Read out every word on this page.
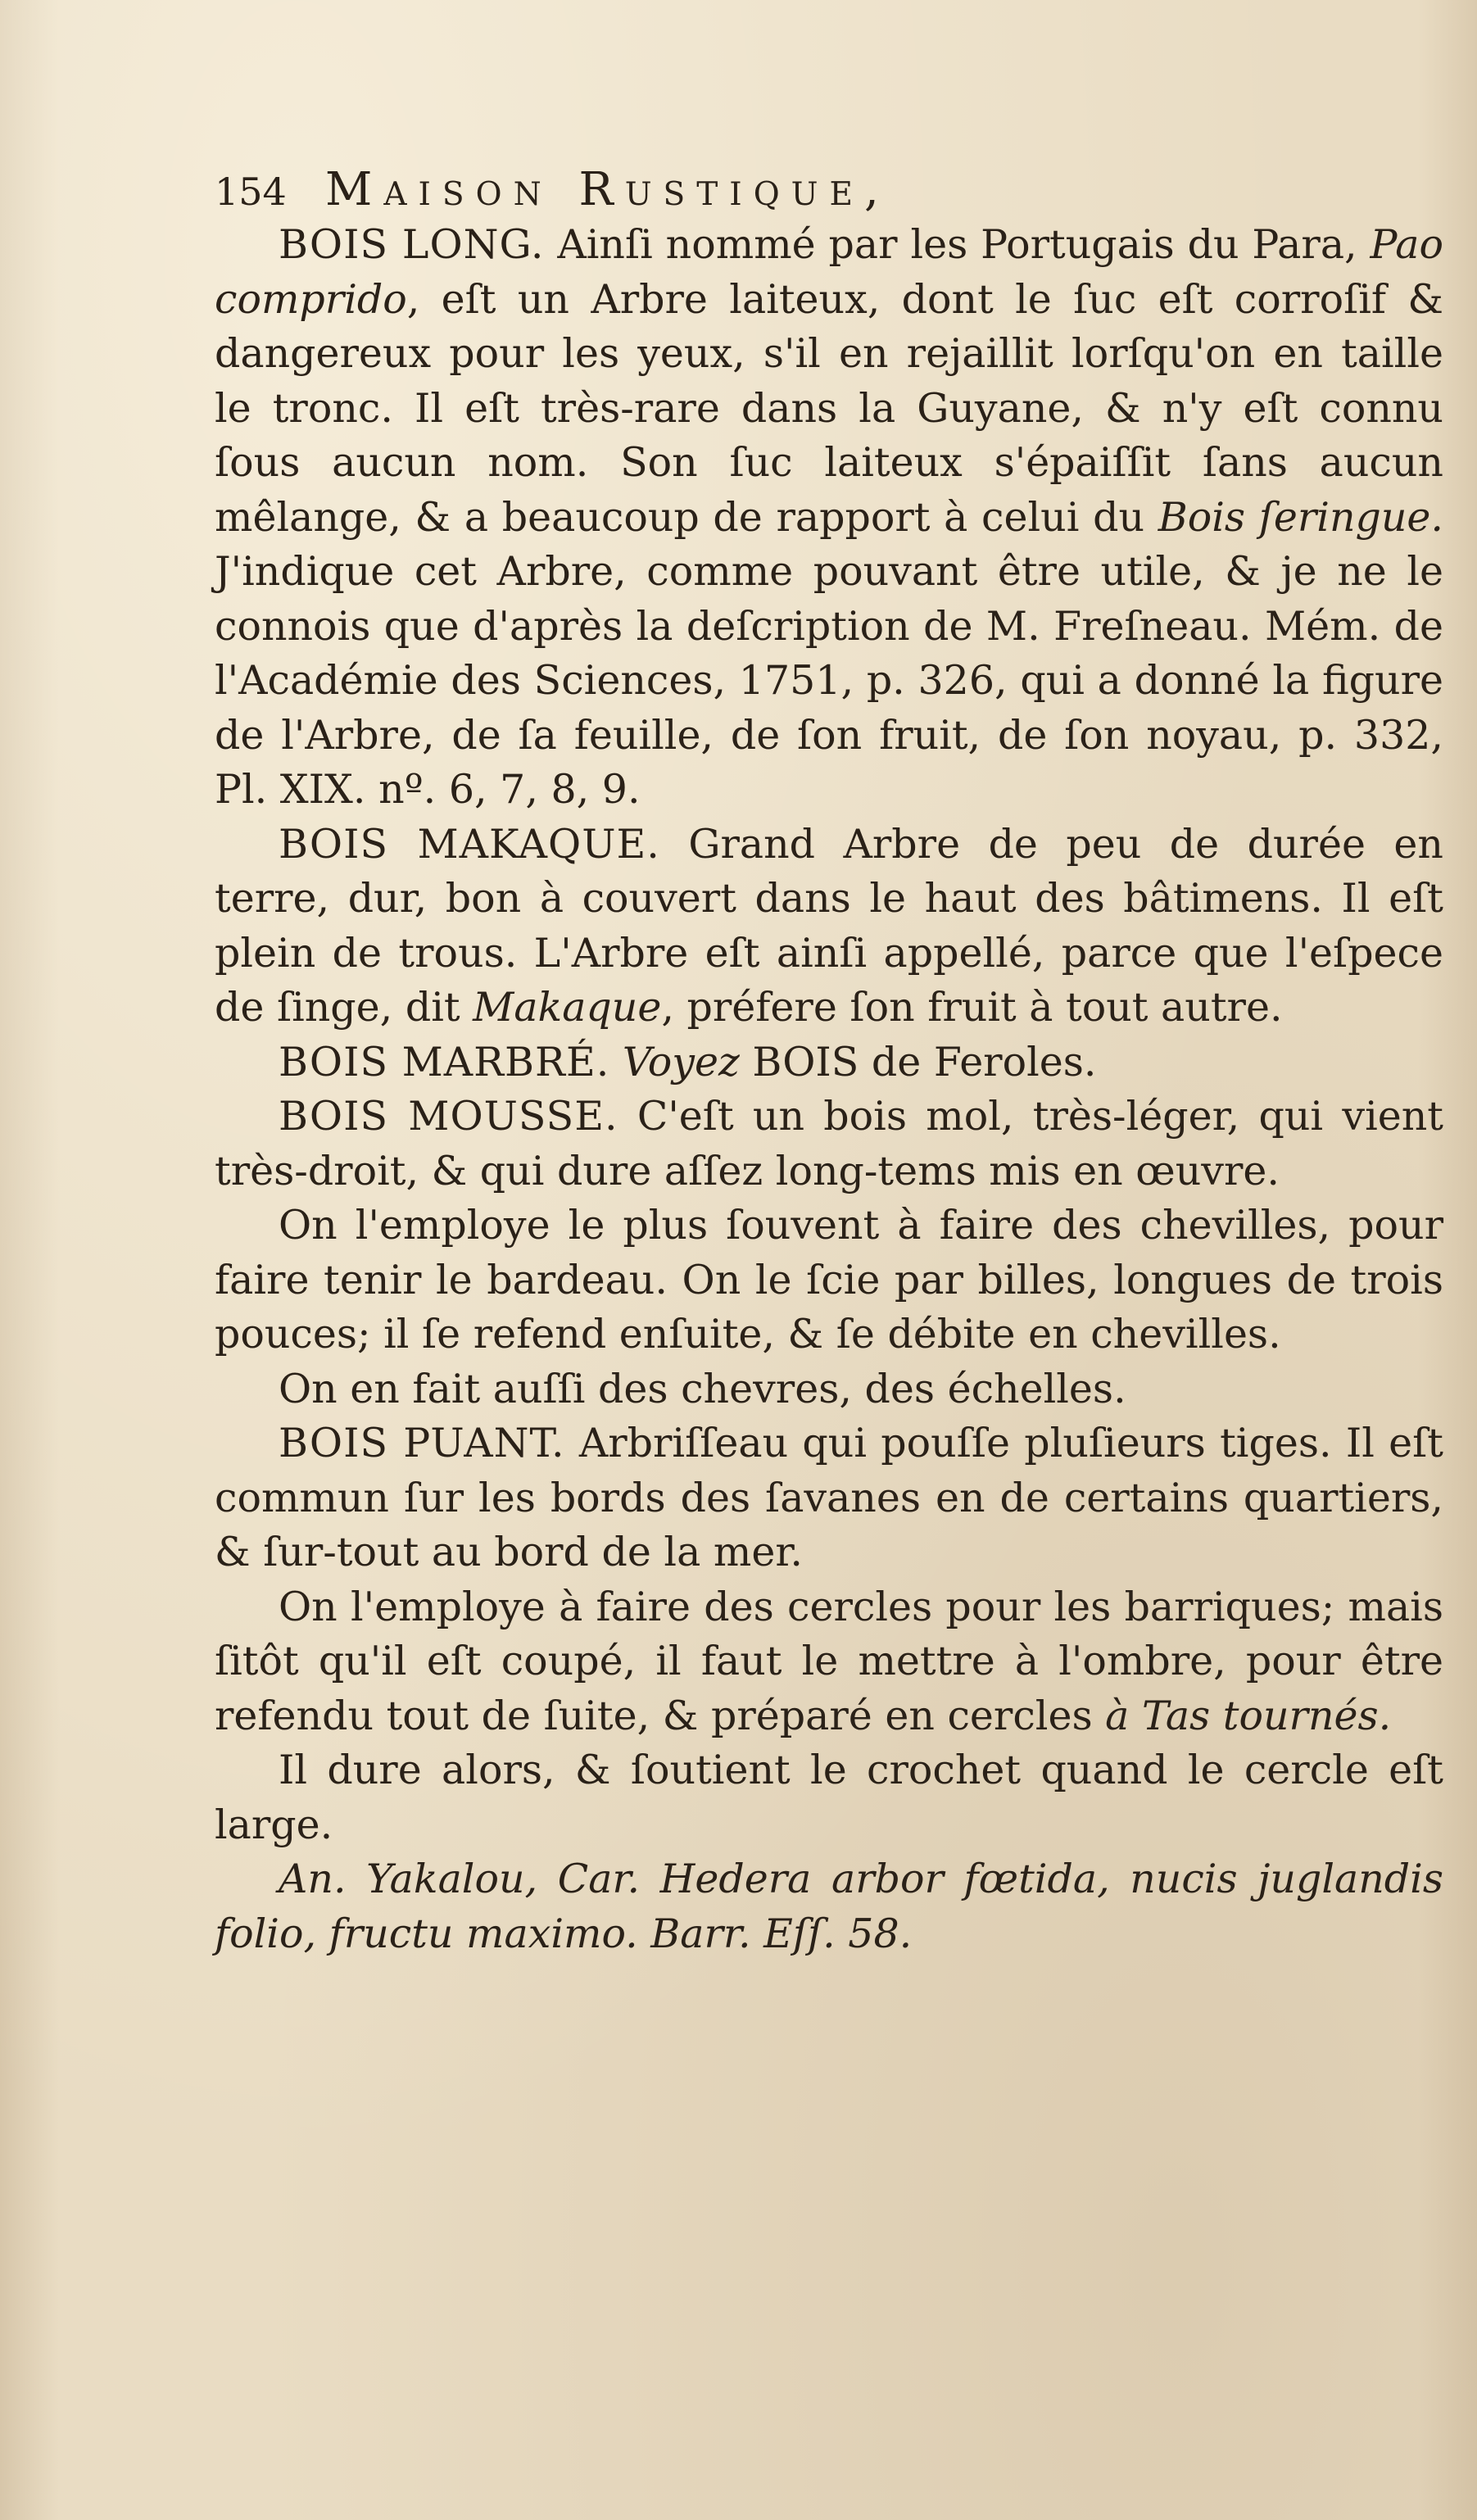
154 Maison Rustique,

BOIS LONG. Ainſi nommé par les Portugais du Para, Pao comprido, eſt un Arbre laiteux, dont le ſuc eſt corroſif & dangereux pour les yeux, s'il en rejaillit lorſqu'on en taille le tronc. Il eſt très-rare dans la Guyane, & n'y eſt connu ſous aucun nom. Son ſuc laiteux s'épaiſſit ſans aucun mêlange, & a beaucoup de rapport à celui du Bois ſeringue. J'indique cet Arbre, comme pouvant être utile, & je ne le connois que d'après la deſcription de M. Freſneau. Mém. de l'Académie des Sciences, 1751, p. 326, qui a donné la figure de l'Arbre, de ſa feuille, de ſon fruit, de ſon noyau, p. 332, Pl. XIX. nº. 6, 7, 8, 9.

BOIS MAKAQUE. Grand Arbre de peu de durée en terre, dur, bon à couvert dans le haut des bâtimens. Il eſt plein de trous. L'Arbre eſt ainſi appellé, parce que l'eſpece de ſinge, dit Makaque, préfere ſon fruit à tout autre.

BOIS MARBRÉ. Voyez BOIS de Feroles.

BOIS MOUSSE. C'eſt un bois mol, très-léger, qui vient très-droit, & qui dure aſſez long-tems mis en œuvre.

On l'employe le plus ſouvent à faire des chevilles, pour faire tenir le bardeau. On le ſcie par billes, longues de trois pouces; il ſe refend enſuite, & ſe débite en chevilles.

On en fait auſſi des chevres, des échelles.

BOIS PUANT. Arbriſſeau qui pouſſe pluſieurs tiges. Il eſt commun ſur les bords des ſavanes en de certains quartiers, & ſur-tout au bord de la mer.

On l'employe à faire des cercles pour les barriques; mais ſitôt qu'il eſt coupé, il faut le mettre à l'ombre, pour être refendu tout de ſuite, & préparé en cercles à Tas tournés.

Il dure alors, & ſoutient le crochet quand le cercle eſt large.

An. Yakalou, Car. Hedera arbor fœtida, nucis juglandis folio, fructu maximo. Barr. Eſſ. 58.
